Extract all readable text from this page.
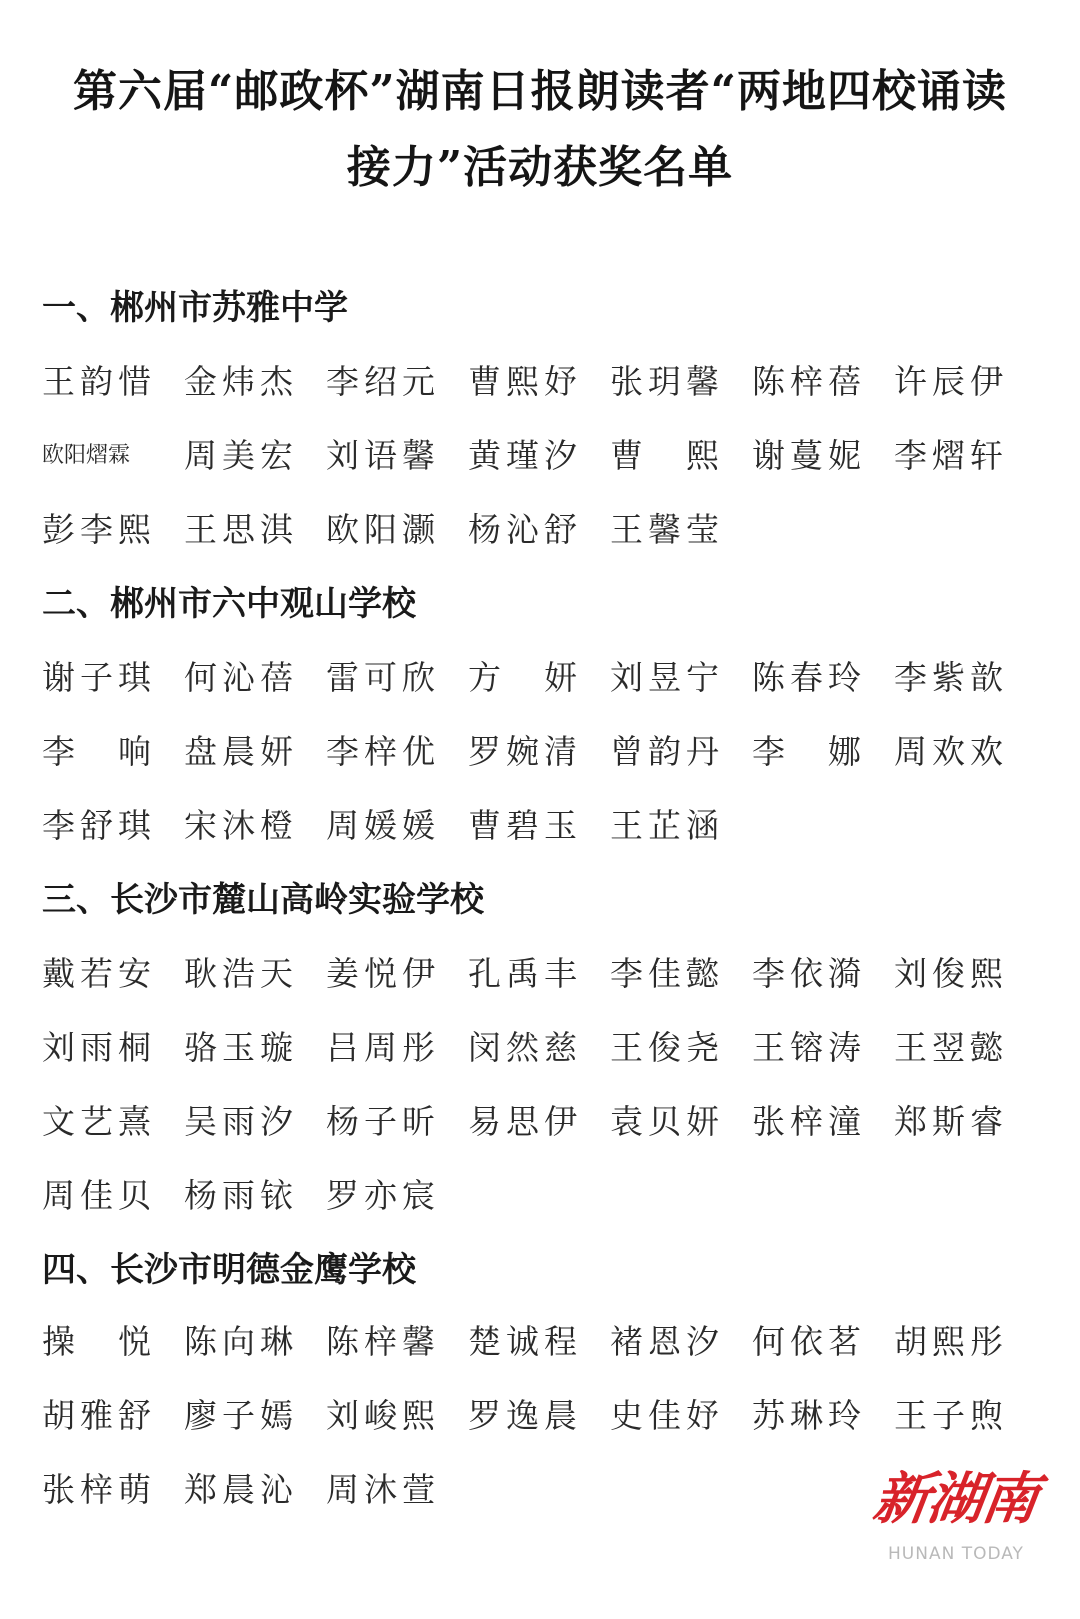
第六届“邮政杯”湖南日报朗读者“两地四校诵读
接力”活动获奖名单
一、郴州市苏雅中学
王韵惜 金炜杰 李绍元 曹熙妤 张玥馨 陈梓蓓 许辰伊
欧阳熠霖	周美宏 刘语馨 黄瑾汐 曹　熙 谢蔓妮 李熠轩
彭李熙 王思淇 欧阳灏 杨沁舒 王馨莹
二、郴州市六中观山学校
谢子琪 何沁蓓 雷可欣 方　妍 刘昱宁 陈春玲 李紫歆
李　响 盘晨妍 李梓优 罗婉清 曾韵丹 李　娜 周欢欢
李舒琪 宋沐橙 周媛媛 曹碧玉 王芷涵
三、长沙市麓山高岭实验学校
戴若安 耿浩天 姜悦伊 孔禹丰 李佳懿 李依漪 刘俊熙
刘雨桐 骆玉璇 吕周彤 闵然慈 王俊尧 王镕涛 王翌懿
文艺熹 吴雨汐 杨子昕 易思伊 袁贝妍 张梓潼 郑斯睿
周佳贝 杨雨铱 罗亦宸
四、长沙市明德金鹰学校
操　悦 陈向琳 陈梓馨 楚诚程 褚恩汐 何依茗 胡熙彤
胡雅舒 廖子嫣 刘峻熙 罗逸晨 史佳妤 苏琳玲 王子煦
张梓萌 郑晨沁 周沐萱	新湖南
HUNAN TODAY
